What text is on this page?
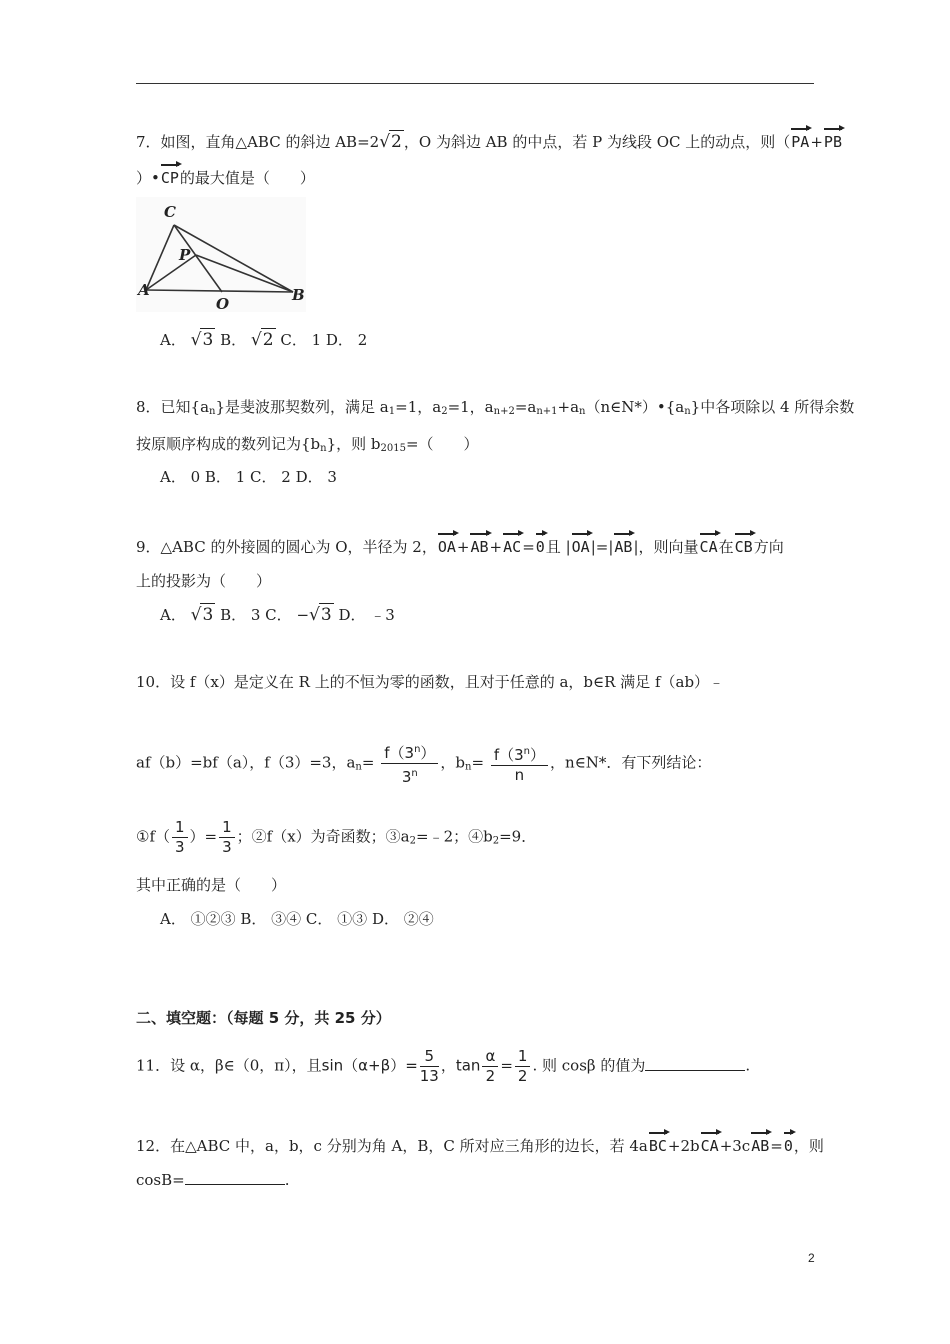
7．如图，直角△ABC 的斜边 AB=2√2 ，O 为斜边 AB 的中点，若 P 为线段 OC 上的动点，则（PA+PB
）•CP的最大值是（　　）
C
P
A
O	B
A． √3 B． √2 C． 1 D． 2
8．已知$\{a_n\}$是斐波那契数列，满足 $a_1=1$，$a_2=1$，$a_{n+2}=a_{n+1}+a_n(n\in N*)•\{a_n\}$中各项除以 4 所得余数
按原顺序构成的数列记为$\{b_n\}$，则 $b_{2015}=$（　　）
A． 0 B． 1 C． 2 D． 3
9．△ABC 的外接圆的圆心为 O，半径为 2，OA+AB+AC=0且 |OA|=|AB|，则向量CA在CB方向
上的投影为（　　）
A． √3 B． 3 C． −√3 D． ﹣3
10．设 f（x）是定义在 R 上的不恒为零的函数，且对于任意的 a，b∈R 满足 f（ab）﹣
af（b）=bf（a），f（3）=3，$a_n= \frac{f(3^n)}{3^n}$ ，$b_n= \frac{f(3^n)}{n}$ ，n∈N*．有下列结论：
①f（ $\frac{1}{3}$ ）= $\frac{1}{3}$ ；②f（x）为奇函数；$③a_2=﹣2$；$④b_2=9$．
其中正确的是（　　）
A． ①②③ B． ③④ C． ①③ D． ②④
二、填空题：（每题 5 分，共 25 分）
11．设 α，β∈（0，π），且$\sin(\alpha+\beta)= \frac{5}{13}$ ，$\tan \frac{\alpha}{2} = \frac{1}{2}$ . 则 cosβ 的值为	.
12．在△ABC 中，a，b，c 分别为角 A，B，C 所对应三角形的边长，若 4aBC+2bCA+3cAB=0，则
cosB=	.
2
